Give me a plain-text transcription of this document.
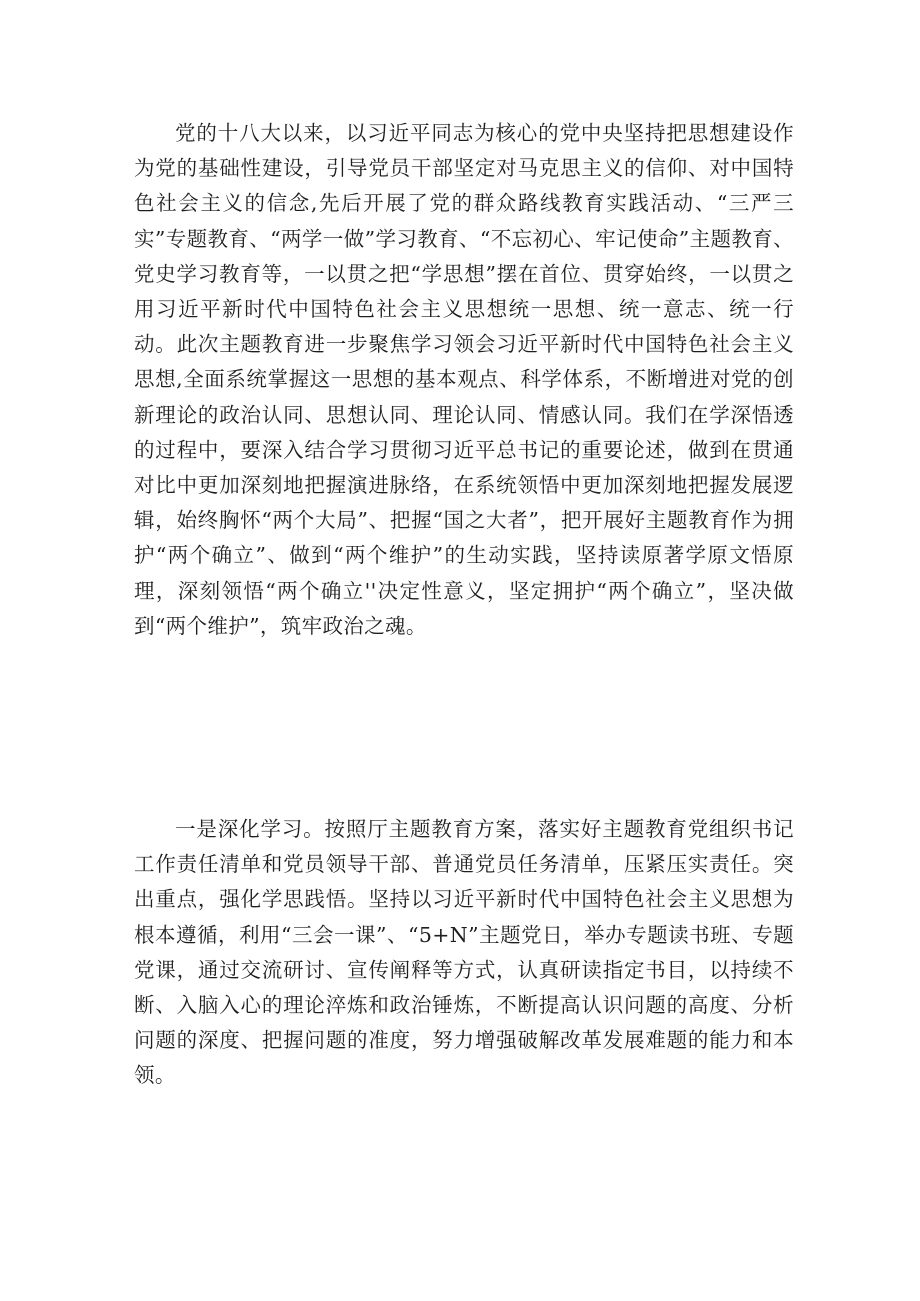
党的十八大以来，以习近平同志为核心的党中央坚持把思想建设作为党的基础性建设，引导党员干部坚定对马克思主义的信仰、对中国特色社会主义的信念,先后开展了党的群众路线教育实践活动、“三严三实”专题教育、“两学一做”学习教育、“不忘初心、牢记使命”主题教育、党史学习教育等，一以贯之把“学思想”摆在首位、贯穿始终，一以贯之用习近平新时代中国特色社会主义思想统一思想、统一意志、统一行动。此次主题教育进一步聚焦学习领会习近平新时代中国特色社会主义思想,全面系统掌握这一思想的基本观点、科学体系，不断增进对党的创新理论的政治认同、思想认同、理论认同、情感认同。我们在学深悟透的过程中，要深入结合学习贯彻习近平总书记的重要论述，做到在贯通对比中更加深刻地把握演进脉络，在系统领悟中更加深刻地把握发展逻辑，始终胸怀“两个大局”、把握“国之大者”，把开展好主题教育作为拥护“两个确立”、做到“两个维护”的生动实践，坚持读原著学原文悟原理，深刻领悟“两个确立''决定性意义，坚定拥护“两个确立”，坚决做到“两个维护”，筑牢政治之魂。

一是深化学习。按照厅主题教育方案，落实好主题教育党组织书记工作责任清单和党员领导干部、普通党员任务清单，压紧压实责任。突出重点，强化学思践悟。坚持以习近平新时代中国特色社会主义思想为根本遵循，利用“三会一课”、“5+N”主题党日，举办专题读书班、专题党课，通过交流研讨、宣传阐释等方式，认真研读指定书目，以持续不断、入脑入心的理论淬炼和政治锤炼，不断提高认识问题的高度、分析问题的深度、把握问题的准度，努力增强破解改革发展难题的能力和本领。
